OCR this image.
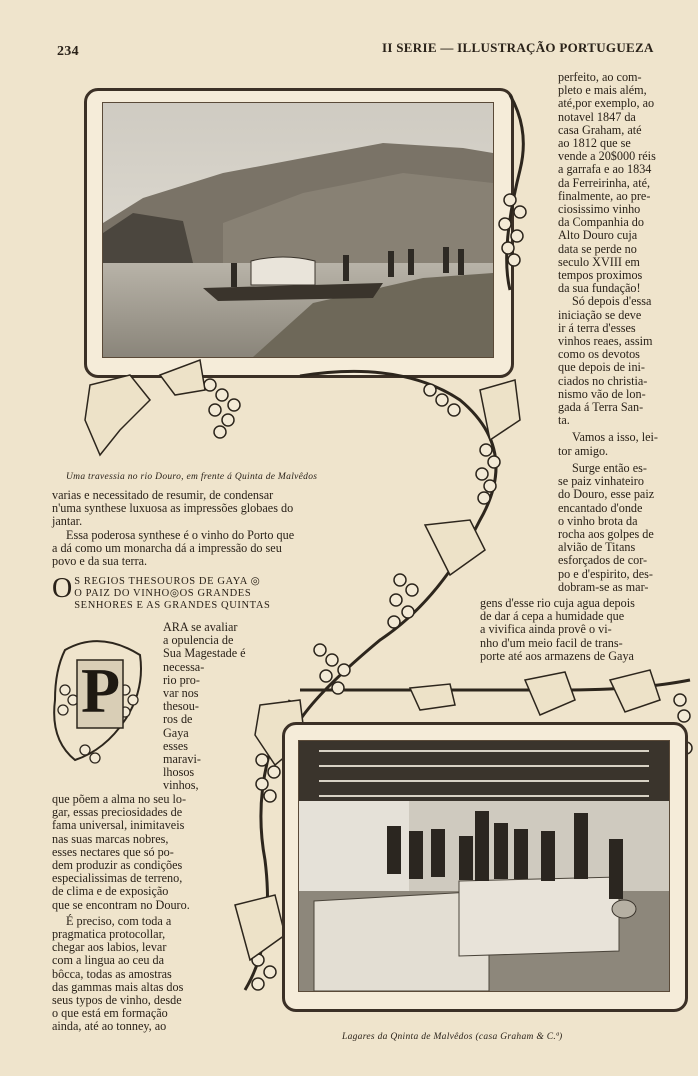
234	II SERIE — ILLUSTRAÇÃO PORTUGUEZA
Uma travessia no rio Douro, em frente á Quinta de Malvêdos

perfeito, ao com-

pleto e mais além,

até,por exemplo, ao

notavel 1847 da

casa Graham, até

ao 1812 que se

vende a 20$000 réis

a garrafa e ao 1834

da Ferreirinha, até,

finalmente, ao pre-

ciosissimo vinho

da Companhia do

Alto Douro cuja

data se perde no

seculo XVIII em

tempos proximos

da sua fundação!

Só depois d'essa

iniciação se deve

ir á terra d'esses

vinhos reaes, assim

como os devotos

que depois de ini-

ciados no christia-

nismo vão de lon-

gada á Terra San-

ta.

Vamos a isso, lei-

tor amigo.

Surge então es-

se paiz vinhateiro

do Douro, esse paiz

encantado d'onde

o vinho brota da

rocha aos golpes de

alvião de Titans

esforçados de cor-

po e d'espirito, des-

dobram-se as mar-

gens d'esse rio cuja agua depois

de dar á cepa a humidade que

a vivifica ainda provê o vi-

nho d'um meio facil de trans-

porte até aos armazens de Gaya

varias e necessitado de resumir, de condensar

n'uma synthese luxuosa as impressões globaes do

jantar.

Essa poderosa synthese é o vinho do Porto que

a dá como um monarcha dá a impressão do seu

povo e da sua terra.

O S REGIOS THESOUROS DE GAYA ◎
O PAIZ DO VINHO◎OS GRANDES
SENHORES E AS GRANDES QUINTAS
P

ARA se avaliar

a opulencia de

Sua Magestade é

necessa-

rio pro-

var nos

thesou-

ros de

Gaya

esses

maravi-

lhosos

vinhos,

que põem a alma no seu lo-

gar, essas preciosidades de

fama universal, inimitaveis

nas suas marcas nobres,

esses nectares que só po-

dem produzir as condições

especialissimas de terreno,

de clima e de exposição

que se encontram no Douro.

É preciso, com toda a

pragmatica protocollar,

chegar aos labios, levar

com a lingua ao ceu da

bôcca, todas as amostras

das gammas mais altas dos

seus typos de vinho, desde

o que está em formação

ainda, até ao tonney, ao

Lagares da Qninta de Malvêdos (casa Graham & C.ª)
